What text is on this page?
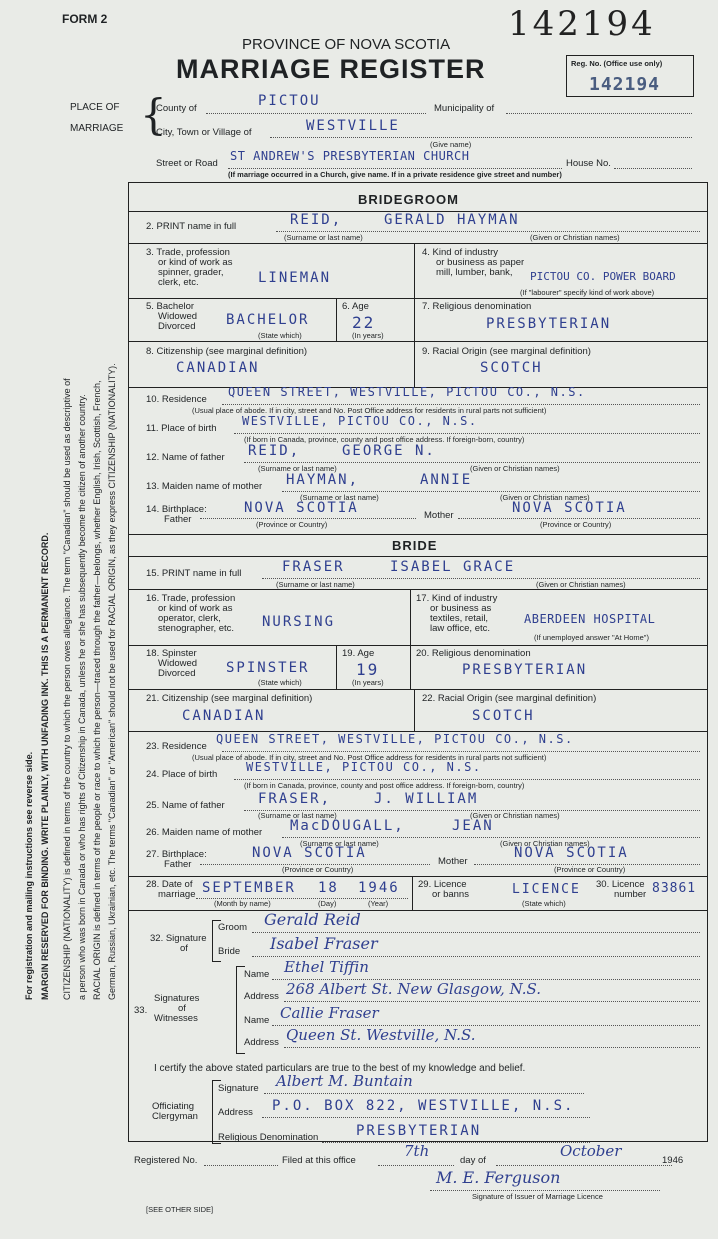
For registration and mailing instructions see reverse side. MARGIN RESERVED FOR BINDING. WRITE PLAINLY, WITH UNFADING INK. THIS IS A PERMANENT RECORD. CITIZENSHIP (NATIONALITY) is defined in terms of the country to which the person owes allegiance. The term "Canadian" should be used as descriptive of a person who was born in Canada or who has rights of Citizenship in Canada, unless he or she has subsequently become the citizen of another country. RACIAL ORIGIN is defined in terms of the people or race to which the person—traced through the father—belongs, whether English, Irish, Scottish, French, German, Russian, Ukrainian, etc. The terms "Canadian" or "American" should not be used for RACIAL ORIGIN, as they express CITIZENSHIP (NATIONALITY).
FORM 2	142194
PROVINCE OF NOVA SCOTIA
MARRIAGE REGISTER	Reg. No. (Office use only)
142194
PLACE OF
MARRIAGE {
County of	PICTOU	Municipality of
City, Town or Village of	WESTVILLE
(Give name)
Street or Road
ST ANDREW'S PRESBYTERIAN CHURCH
House No.
(If marriage occurred in a Church, give name. If in a private residence give street and number)
BRIDEGROOM
2. PRINT name in full	REID,	GERALD HAYMAN
(Surname or last name)	(Given or Christian names)
3. Trade, profession
or kind of work as
spinner, grader,
clerk, etc.	LINEMAN
4. Kind of industry
or business as paper
mill, lumber, bank,	PICTOU CO. POWER BOARD
(If "labourer" specify kind of work above)
5. Bachelor
Widowed
Divorced BACHELOR
(State which)
6. Age
22
(In years)
7. Religious denomination
PRESBYTERIAN
8. Citizenship (see marginal definition)
CANADIAN
9. Racial Origin (see marginal definition)
SCOTCH
10. Residence
QUEEN STREET, WESTVILLE, PICTOU CO., N.S.
(Usual place of abode. If in city, street and No. Post Office address for residents in rural parts not sufficient)
11. Place of birth
WESTVILLE, PICTOU CO., N.S.
(If born in Canada, province, county and post office address. If foreign-born, country)
12. Name of father REID,	GEORGE N.
(Surname or last name)	(Given or Christian names)
13. Maiden name of mother HAYMAN,	ANNIE
(Surname or last name)	(Given or Christian names)
14. Birthplace:
Father
NOVA SCOTIA	Mother	NOVA SCOTIA
(Province or Country)	(Province or Country)
BRIDE
15. PRINT name in full	FRASER	ISABEL GRACE
(Surname or last name)	(Given or Christian names)
16. Trade, profession
or kind of work as
operator, clerk,
stenographer, etc. NURSING
17. Kind of industry
or business as
textiles, retail,
law office, etc.
ABERDEEN HOSPITAL
(If unemployed answer "At Home")
18. Spinster
Widowed
Divorced SPINSTER
(State which)
19. Age
19
(In years)
20. Religious denomination
PRESBYTERIAN
21. Citizenship (see marginal definition)
CANADIAN
22. Racial Origin (see marginal definition)
SCOTCH
23. Residence
QUEEN STREET, WESTVILLE, PICTOU CO., N.S.
(Usual place of abode. If in city, street and No. Post Office address for residents in rural parts not sufficient)
24. Place of birth
WESTVILLE, PICTOU CO., N.S.
(If born in Canada, province, county and post office address. If foreign-born, country)
25. Name of father FRASER,	J. WILLIAM
(Surname or last name)	(Given or Christian names)
26. Maiden name of mother MacDOUGALL,	JEAN
(Surname or last name)	(Given or Christian names)
27. Birthplace:
Father
NOVA SCOTIA
Mother
NOVA SCOTIA
(Province or Country)	(Province or Country)
28. Date of
marriage SEPTEMBER 18 1946
(Month by name)	(Day)	(Year)
29. Licence
or banns	LICENCE
(State which)
30. Licence
number 83861
32. Signature
of
Groom Gerald Reid
Bride Isabel Fraser
Signatures
of
Witnesses
33.
Name Ethel Tiffin
Address 268 Albert St. New Glasgow, N.S.
Name Callie Fraser
Address Queen St. Westville, N.S.
I certify the above stated particulars are true to the best of my knowledge and belief.
Officiating
Clergyman
Signature Albert M. Buntain
Address P.O. BOX 822, WESTVILLE, N.S.
Religious Denomination	PRESBYTERIAN
Registered No.	Filed at this office
7th
day of
October
1946
M. E. Ferguson
Signature of Issuer of Marriage Licence
[SEE OTHER SIDE]
